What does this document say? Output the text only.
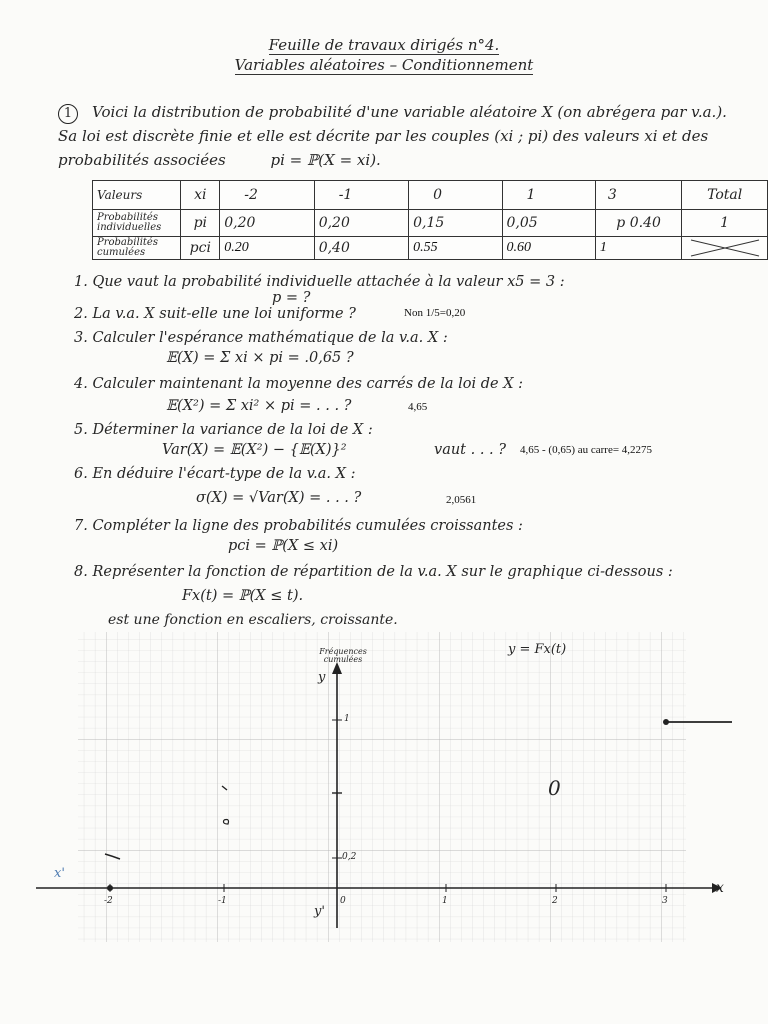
Feuille de travaux dirigés n°4.
Variables aléatoires – Conditionnement
1 Voici la distribution de probabilité d'une variable aléatoire X (on abrégera par v.a.). Sa loi est discrète finie et elle est décrite par les couples (xi ; pi) des valeurs xi et des probabilités associées	pi = ℙ(X = xi).
Valeurs	xi	-2	-1	0	1	3	Total
Probabilités individuelles	pi	0,20	0,20	0,15	0,05	p 0.40	1
Probabilités cumulées	pci	0.20	0,40	0.55	0.60	1	
1. Que vaut la probabilité individuelle attachée à la valeur x5 = 3 :
p = ?
2. La v.a. X suit-elle une loi uniforme ?	Non 1/5=0,20
3. Calculer l'espérance mathématique de la v.a. X :
𝔼(X) = Σ xi × pi = .0,65 ?
4. Calculer maintenant la moyenne des carrés de la loi de X :
𝔼(X²) = Σ xi² × pi = . . . ?	4,65
5. Déterminer la variance de la loi de X :
Var(X) = 𝔼(X²) − {𝔼(X)}²	vaut . . . ? 4,65 - (0,65) au carre= 4,2275
6. En déduire l'écart-type de la v.a. X :
σ(X) = √Var(X) = . . . ?	2,0561
7. Compléter la ligne des probabilités cumulées croissantes :
pci = ℙ(X ≤ xi)
8. Représenter la fonction de répartition de la v.a. X sur le graphique ci-dessous :
Fx(t) = ℙ(X ≤ t).
est une fonction en escaliers, croissante.
Fréquences cumulées
y = Fx(t)
y
y'
x
x'
-2	-1	0	1	2	3
1
0,2
0
